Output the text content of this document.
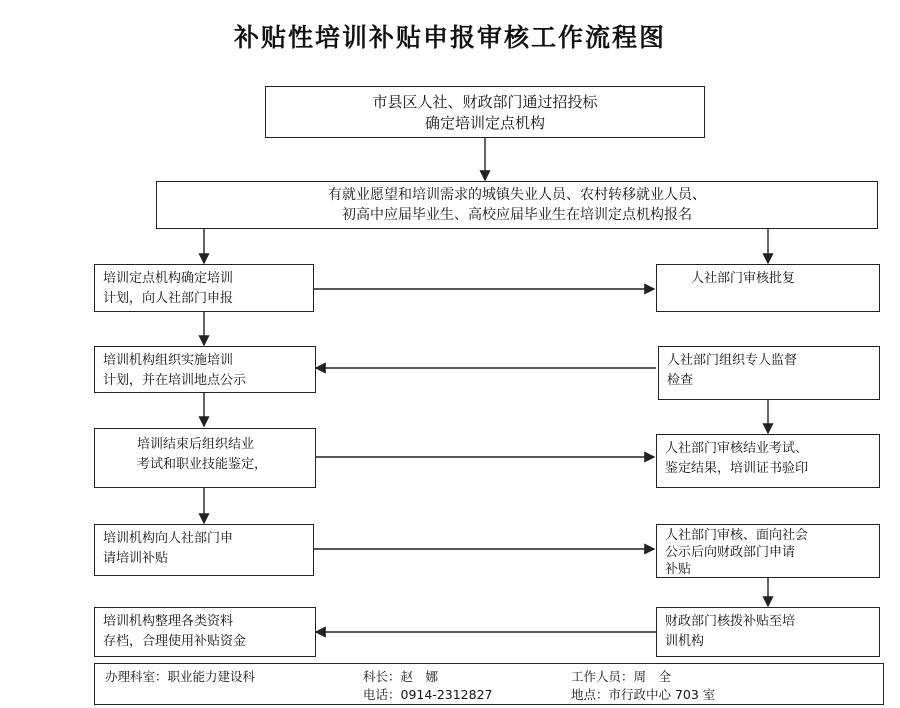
补贴性培训补贴申报审核工作流程图
市县区人社、财政部门通过招投标
确定培训定点机构
有就业愿望和培训需求的城镇失业人员、农村转移就业人员、
初高中应届毕业生、高校应届毕业生在培训定点机构报名
培训定点机构确定培训
计划，向人社部门申报
培训机构组织实施培训
计划，并在培训地点公示
培训结束后组织结业
考试和职业技能鉴定，
培训机构向人社部门申
请培训补贴
培训机构整理各类资料
存档，合理使用补贴资金
人社部门审核批复
人社部门组织专人监督
检查
人社部门审核结业考试、
鉴定结果，培训证书验印
人社部门审核、面向社会
公示后向财政部门申请
补贴
财政部门核拨补贴至培
训机构
办理科室：职业能力建设科	科长：赵　娜	工作人员：周　全
电话：0914-2312827	地点：市行政中心 703 室
